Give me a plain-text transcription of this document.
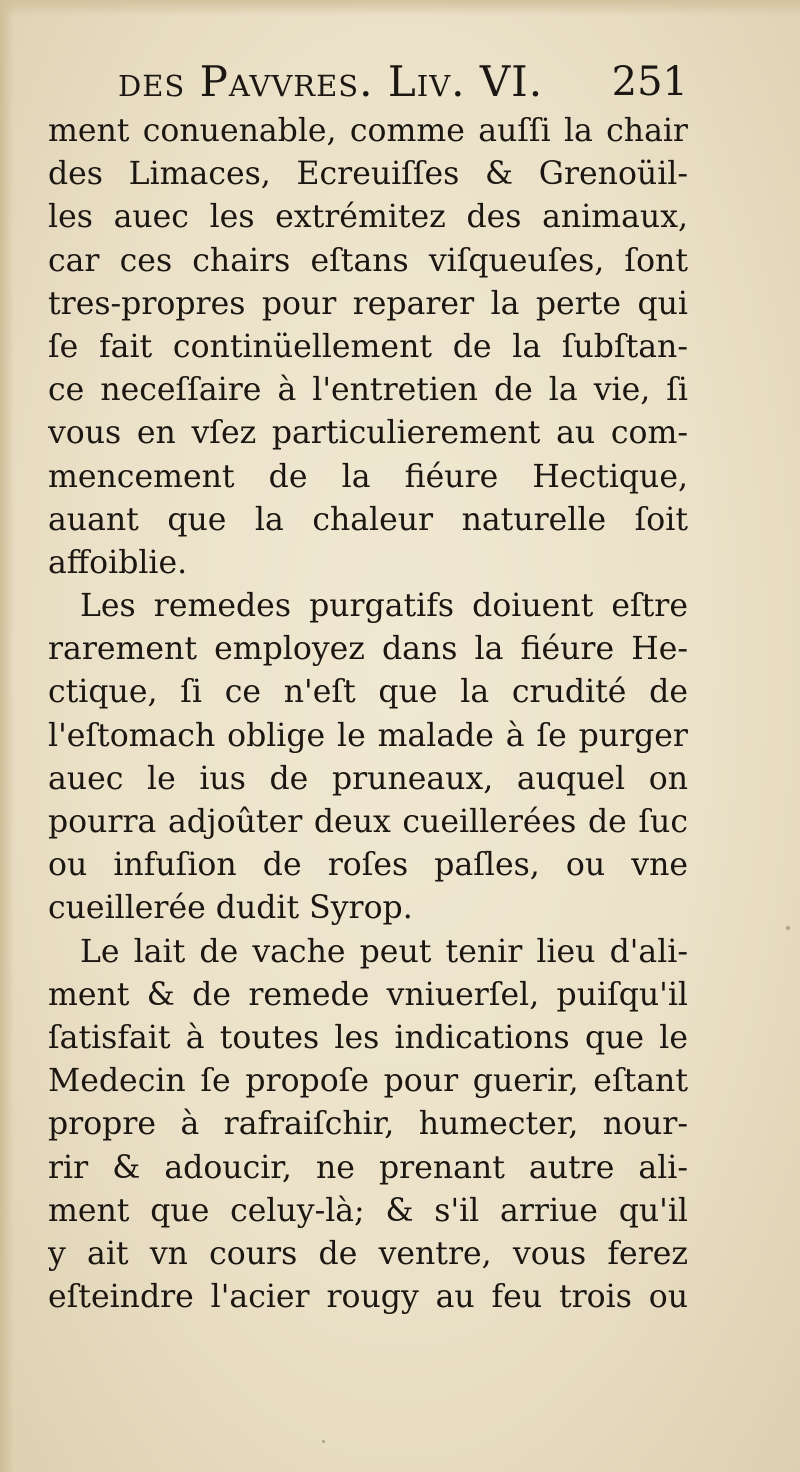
des Pavvres. Liv. VI. 251
ment conuenable, comme auſſi la chair
des Limaces, Ecreuiſſes & Grenoüil-
les auec les extrémitez des animaux,
car ces chairs eſtans viſqueuſes, ſont
tres-propres pour reparer la perte qui
ſe fait continüellement de la ſubſtan-
ce neceſſaire à l'entretien de la vie, ſi
vous en vſez particulierement au com-
mencement de la fiéure Hectique,
auant que la chaleur naturelle ſoit
affoiblie.
Les remedes purgatifs doiuent eſtre
rarement employez dans la fiéure He-
ctique, ſi ce n'eſt que la crudité de
l'eſtomach oblige le malade à ſe purger
auec le ius de pruneaux, auquel on
pourra adjoûter deux cueillerées de ſuc
ou infuſion de roſes paſles, ou vne
cueillerée dudit Syrop.
Le lait de vache peut tenir lieu d'ali-
ment & de remede vniuerſel, puiſqu'il
ſatisfait à toutes les indications que le
Medecin ſe propoſe pour guerir, eſtant
propre à rafraiſchir, humecter, nour-
rir & adoucir, ne prenant autre ali-
ment que celuy-là; & s'il arriue qu'il
y ait vn cours de ventre, vous ferez
eſteindre l'acier rougy au feu trois ou
